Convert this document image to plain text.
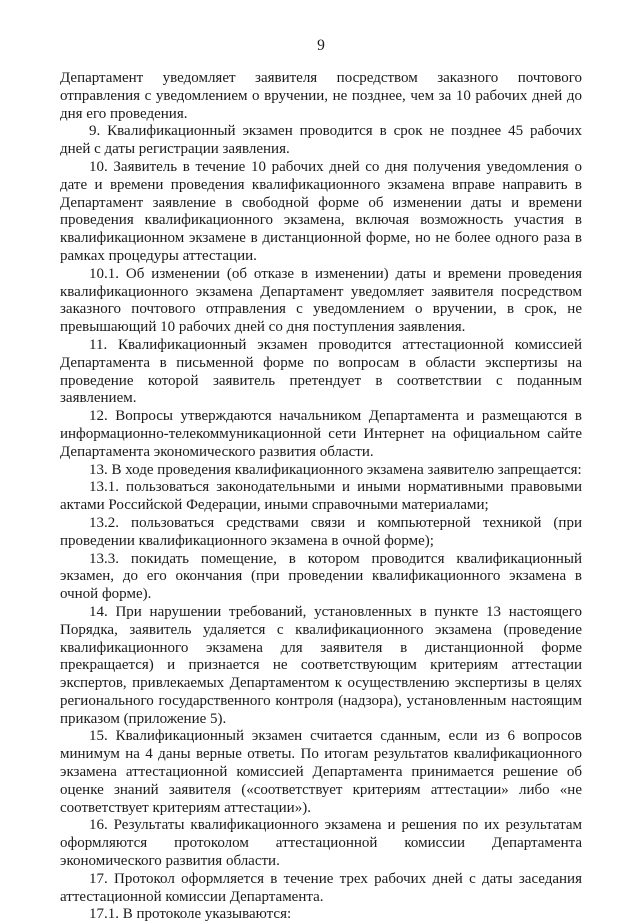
9

Департамент уведомляет заявителя посредством заказного почтового отправления с уведомлением о вручении, не позднее, чем за 10 рабочих дней до дня его проведения.

9. Квалификационный экзамен проводится в срок не позднее 45 рабочих дней с даты регистрации заявления.

10. Заявитель в течение 10 рабочих дней со дня получения уведомления о дате и времени проведения квалификационного экзамена вправе направить в Департамент заявление в свободной форме об изменении даты и времени проведения квалификационного экзамена, включая возможность участия в квалификационном экзамене в дистанционной форме, но не более одного раза в рамках процедуры аттестации.

10.1. Об изменении (об отказе в изменении) даты и времени проведения квалификационного экзамена Департамент уведомляет заявителя посредством заказного почтового отправления с уведомлением о вручении, в срок, не превышающий 10 рабочих дней со дня поступления заявления.

11. Квалификационный экзамен проводится аттестационной комиссией Департамента в письменной форме по вопросам в области экспертизы на проведение которой заявитель претендует в соответствии с поданным заявлением.

12. Вопросы утверждаются начальником Департамента и размещаются в информационно-телекоммуникационной сети Интернет на официальном сайте Департамента экономического развития области.

13. В ходе проведения квалификационного экзамена заявителю запрещается:

13.1. пользоваться законодательными и иными нормативными правовыми актами Российской Федерации, иными справочными материалами;

13.2. пользоваться средствами связи и компьютерной техникой (при проведении квалификационного экзамена в очной форме);

13.3. покидать помещение, в котором проводится квалификационный экзамен, до его окончания (при проведении квалификационного экзамена в очной форме).

14. При нарушении требований, установленных в пункте 13 настоящего Порядка, заявитель удаляется с квалификационного экзамена (проведение квалификационного экзамена для заявителя в дистанционной форме прекращается) и признается не соответствующим критериям аттестации экспертов, привлекаемых Департаментом к осуществлению экспертизы в целях регионального государственного контроля (надзора), установленным настоящим приказом (приложение 5).

15. Квалификационный экзамен считается сданным, если из 6 вопросов минимум на 4 даны верные ответы. По итогам результатов квалификационного экзамена аттестационной комиссией Департамента принимается решение об оценке знаний заявителя («соответствует критериям аттестации» либо «не соответствует критериям аттестации»).

16. Результаты квалификационного экзамена и решения по их результатам оформляются протоколом аттестационной комиссии Департамента экономического развития области.

17. Протокол оформляется в течение трех рабочих дней с даты заседания аттестационной комиссии Департамента.

17.1. В протоколе указываются:
